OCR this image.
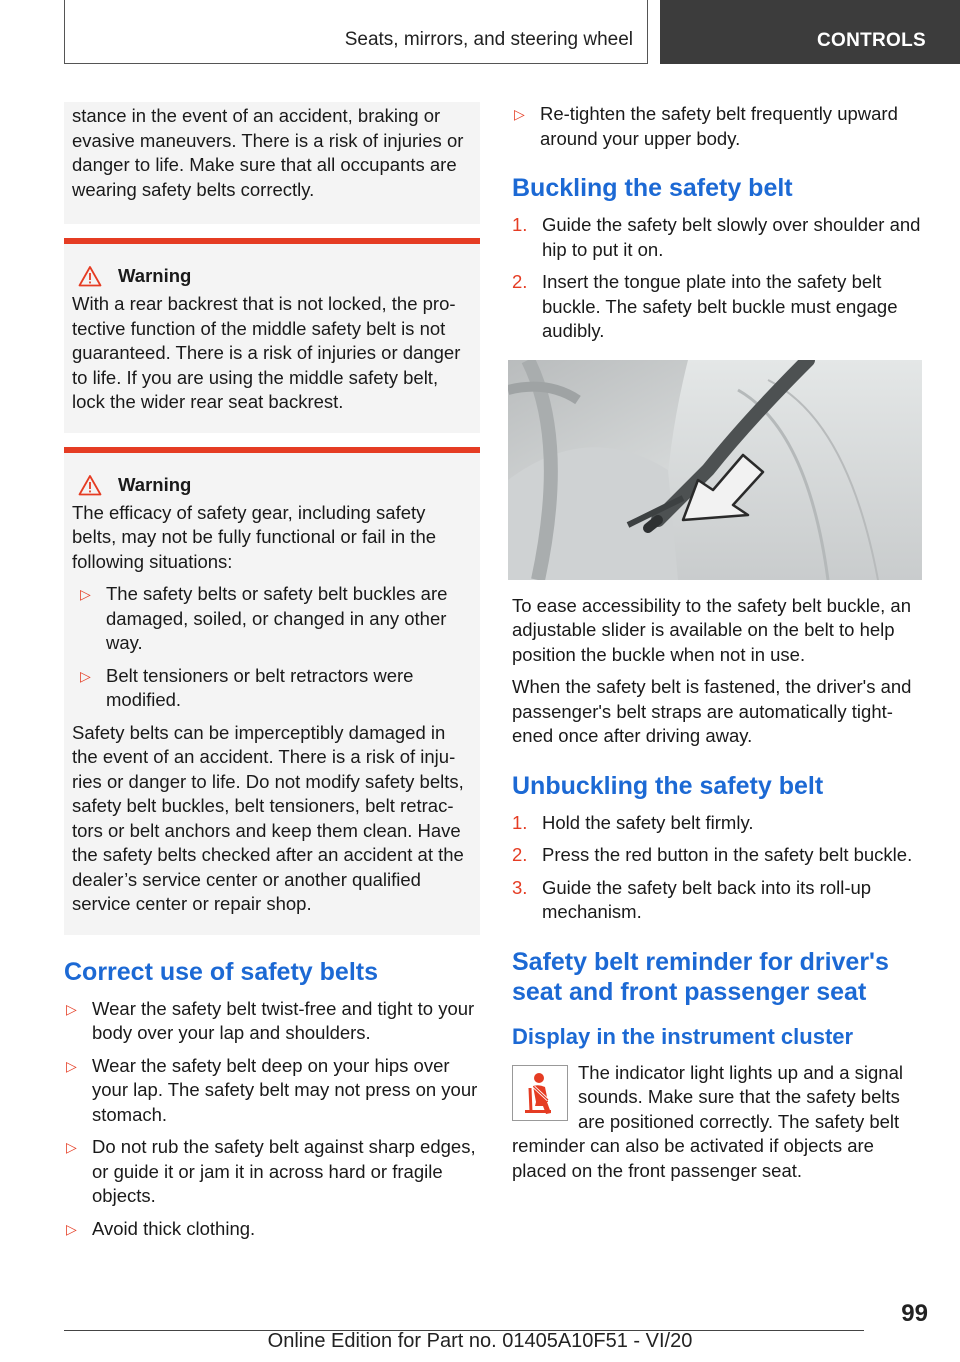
Seats, mirrors, and steering wheel	CONTROLS

stance in the event of an accident, braking or evasive maneuvers. There is a risk of injuries or danger to life. Make sure that all occupants are wearing safety belts correctly.

Warning

With a rear backrest that is not locked, the pro-tective function of the middle safety belt is not guaranteed. There is a risk of injuries or danger to life. If you are using the middle safety belt, lock the wider rear seat backrest.

Warning

The efficacy of safety gear, including safety belts, may not be fully functional or fail in the following situations:

▷ The safety belts or safety belt buckles are damaged, soiled, or changed in any other way.
▷ Belt tensioners or belt retractors were modified.

Safety belts can be imperceptibly damaged in the event of an accident. There is a risk of inju-ries or danger to life. Do not modify safety belts, safety belt buckles, belt tensioners, belt retrac-tors or belt anchors and keep them clean. Have the safety belts checked after an accident at the dealer’s service center or another qualified service center or repair shop.

Correct use of safety belts
▷ Wear the safety belt twist-free and tight to your body over your lap and shoulders.
▷ Wear the safety belt deep on your hips over your lap. The safety belt may not press on your stomach.
▷ Do not rub the safety belt against sharp edges, or guide it or jam it in across hard or fragile objects.
▷ Avoid thick clothing.
▷ Re-tighten the safety belt frequently upward around your upper body.
Buckling the safety belt
1. Guide the safety belt slowly over shoulder and hip to put it on.
2. Insert the tongue plate into the safety belt buckle. The safety belt buckle must engage audibly.

To ease accessibility to the safety belt buckle, an adjustable slider is available on the belt to help position the buckle when not in use.

When the safety belt is fastened, the driver's and passenger's belt straps are automatically tight-ened once after driving away.

Unbuckling the safety belt
1. Hold the safety belt firmly.
2. Press the red button in the safety belt buckle.
3. Guide the safety belt back into its roll-up mechanism.
Safety belt reminder for driver's seat and front passenger seat
Display in the instrument cluster

The indicator light lights up and a signal sounds. Make sure that the safety belts are positioned correctly. The safety belt reminder can also be activated if objects are placed on the front passenger seat.

99
Online Edition for Part no. 01405A10F51 - VI/20
